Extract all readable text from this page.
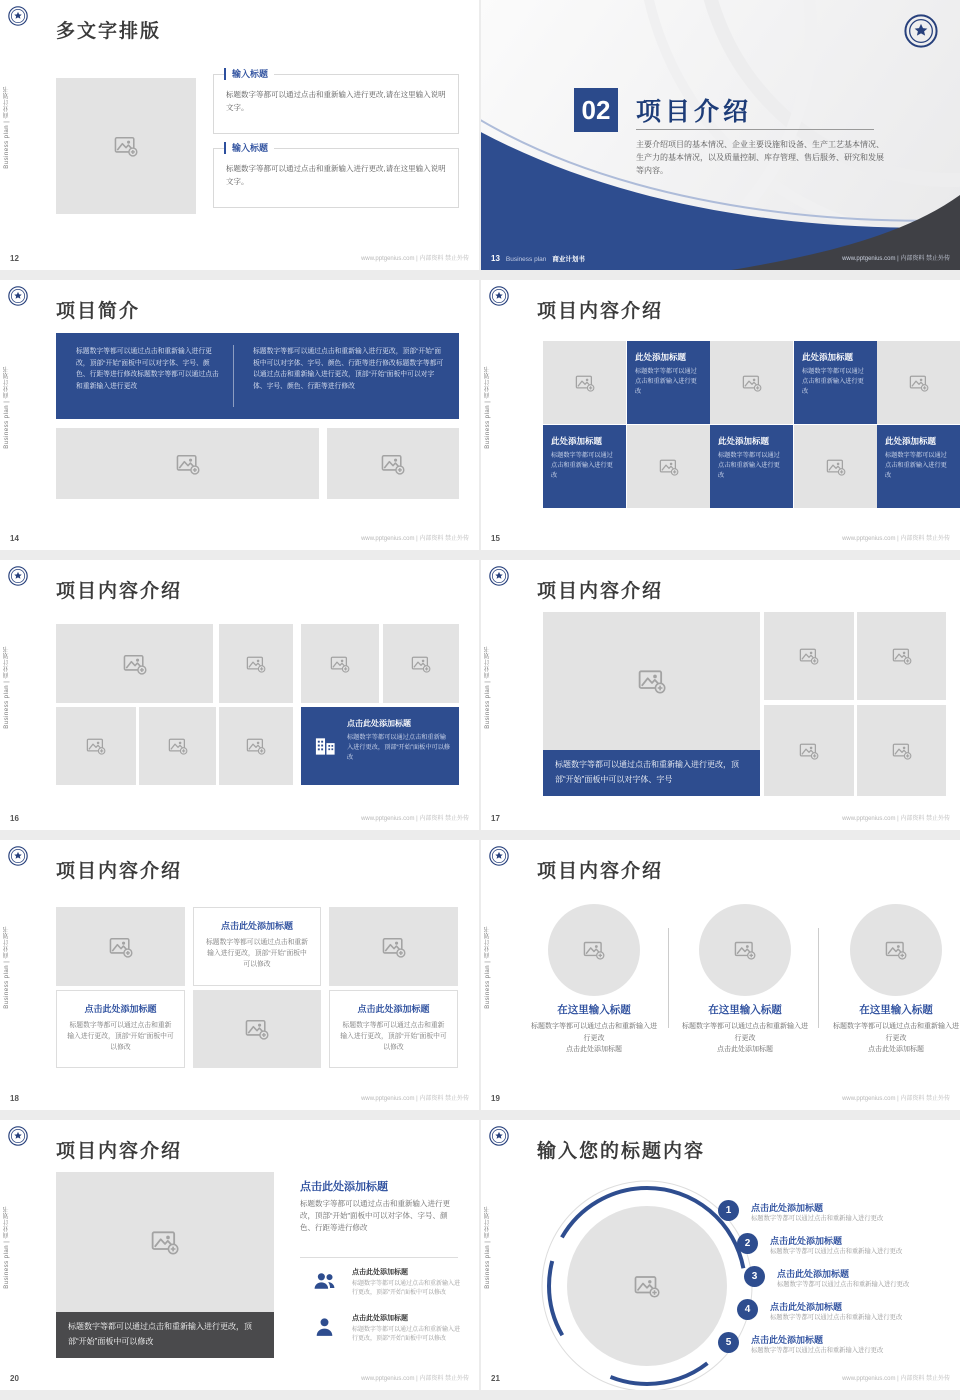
Business plan | 商业计划书
多文字排版
输入标题

标题数字等都可以通过点击和重新输入进行更改,请在这里输入说明文字。

输入标题

标题数字等都可以通过点击和重新输入进行更改,请在这里输入说明文字。

12	www.pptgenius.com | 内部资料 禁止外传
02	项目介绍
主要介绍项目的基本情况、企业主要设施和设备、生产工艺基本情况、生产力的基本情况，以及质量控制、库存管理、售后服务、研究和发展等内容。
13 Business plan 商业计划书	www.pptgenius.com | 内部资料 禁止外传
Business plan | 商业计划书
项目简介
标题数字等都可以通过点击和重新输入进行更改，顶部“开始”面板中可以对字体、字号、颜色、行距等进行修改标题数字等都可以通过点击和重新输入进行更改
标题数字等都可以通过点击和重新输入进行更改，顶部“开始”面板中可以对字体、字号、颜色、行距等进行修改标题数字等都可以通过点击和重新输入进行更改，顶部“开始”面板中可以对字体、字号、颜色、行距等进行修改
14	www.pptgenius.com | 内部资料 禁止外传
Business plan | 商业计划书
项目内容介绍
此处添加标题

标题数字等都可以通过点击和重新输入进行更改

此处添加标题

标题数字等都可以通过点击和重新输入进行更改

此处添加标题

标题数字等都可以通过点击和重新输入进行更改

此处添加标题

标题数字等都可以通过点击和重新输入进行更改

此处添加标题

标题数字等都可以通过点击和重新输入进行更改

15	www.pptgenius.com | 内部资料 禁止外传
Business plan | 商业计划书
项目内容介绍
点击此处添加标题

标题数字等都可以通过点击和重新输入进行更改，顶部“开始”面板中可以修改

16	www.pptgenius.com | 内部资料 禁止外传
Business plan | 商业计划书
项目内容介绍
标题数字等都可以通过点击和重新输入进行更改，顶部“开始”面板中可以对字体、字号
17	www.pptgenius.com | 内部资料 禁止外传
Business plan | 商业计划书
项目内容介绍
点击此处添加标题

标题数字等都可以通过点击和重新输入进行更改，顶部“开始”面板中可以修改

点击此处添加标题

标题数字等都可以通过点击和重新输入进行更改，顶部“开始”面板中可以修改

点击此处添加标题

标题数字等都可以通过点击和重新输入进行更改，顶部“开始”面板中可以修改

18	www.pptgenius.com | 内部资料 禁止外传
Business plan | 商业计划书
项目内容介绍
在这里输入标题	在这里输入标题	在这里输入标题
标题数字等都可以通过点击和重新输入进行更改
点击此处添加标题
标题数字等都可以通过点击和重新输入进行更改
点击此处添加标题
标题数字等都可以通过点击和重新输入进行更改
点击此处添加标题
19	www.pptgenius.com | 内部资料 禁止外传
Business plan | 商业计划书
项目内容介绍
标题数字等都可以通过点击和重新输入进行更改，顶部“开始”面板中可以修改
点击此处添加标题
标题数字等都可以通过点击和重新输入进行更改，顶部“开始”面板中可以对字体、字号、颜色、行距等进行修改
点击此处添加标题

标题数字等都可以通过点击和重新输入进行更改，顶部“开始”面板中可以修改

点击此处添加标题

标题数字等都可以通过点击和重新输入进行更改，顶部“开始”面板中可以修改

20	www.pptgenius.com | 内部资料 禁止外传
Business plan | 商业计划书
输入您的标题内容
1	点击此处添加标题
标题数字等都可以通过点击和重新输入进行更改
2	点击此处添加标题
标题数字等都可以通过点击和重新输入进行更改
3	点击此处添加标题
标题数字等都可以通过点击和重新输入进行更改
4	点击此处添加标题
标题数字等都可以通过点击和重新输入进行更改
5	点击此处添加标题
标题数字等都可以通过点击和重新输入进行更改
21	www.pptgenius.com | 内部资料 禁止外传
